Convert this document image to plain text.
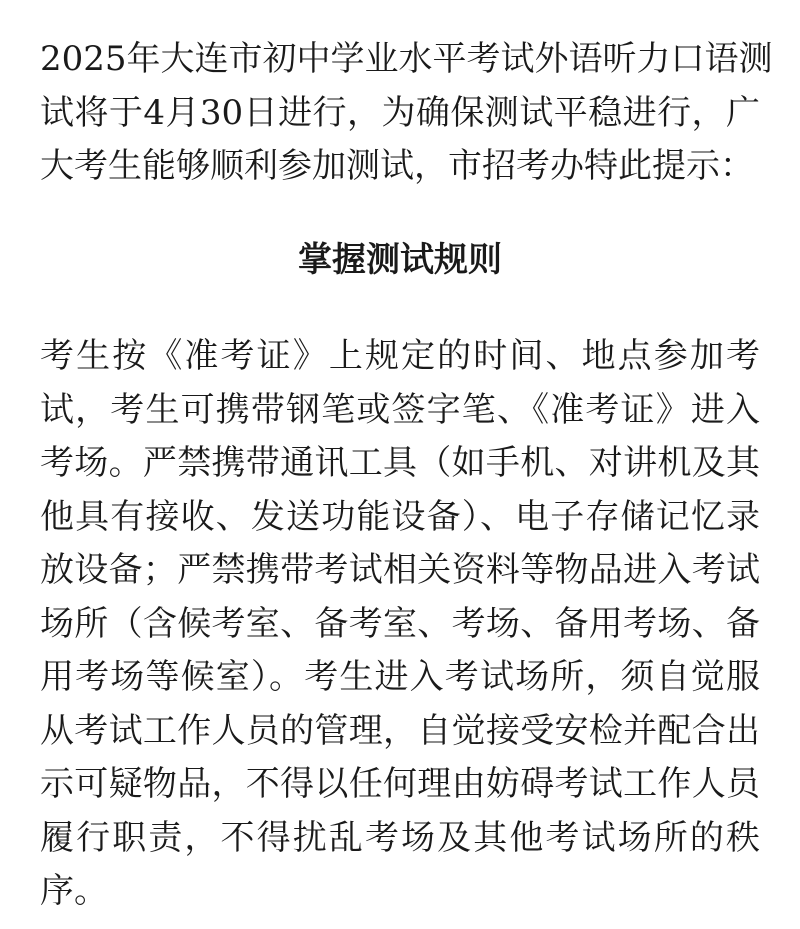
2025年大连市初中学业水平考试外语听力口语测
试将于4月30日进行，为确保测试平稳进行，广
大考生能够顺利参加测试，市招考办特此提示：
掌握测试规则
考生按《准考证》上规定的时间、地点参加考
试，考生可携带钢笔或签字笔、《准考证》进入
考场。严禁携带通讯工具（如手机、对讲机及其
他具有接收、发送功能设备）、电子存储记忆录
放设备；严禁携带考试相关资料等物品进入考试
场所（含候考室、备考室、考场、备用考场、备
用考场等候室）。考生进入考试场所，须自觉服
从考试工作人员的管理，自觉接受安检并配合出
示可疑物品，不得以任何理由妨碍考试工作人员
履行职责，不得扰乱考场及其他考试场所的秩
序。
